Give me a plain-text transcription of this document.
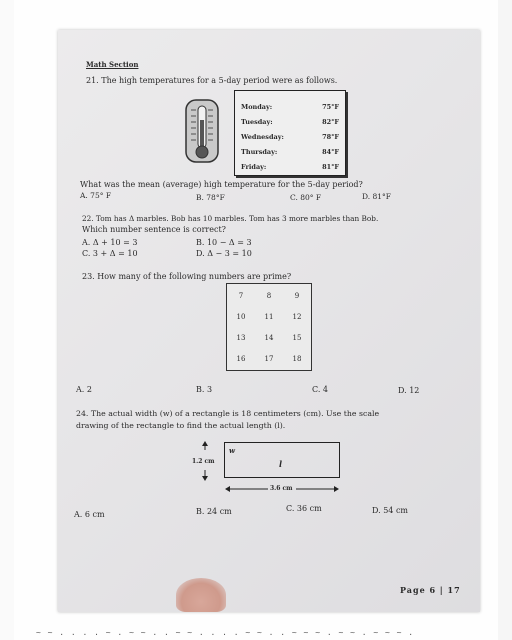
Math Section
21. The high temperatures for a 5-day period were as follows.
Monday:	75°F
Tuesday:	82°F
Wednesday:	78°F
Thursday:	84°F
Friday:	81°F
What was the mean (average) high temperature for the 5-day period?
A. 75° F	B. 78°F	C. 80° F	D. 81°F
22. Tom has Δ marbles. Bob has 10 marbles. Tom has 3 more marbles than Bob.
Which number sentence is correct?
A. Δ + 10 = 3	B. 10 − Δ = 3
C. 3 + Δ = 10	D. Δ − 3 = 10
23. How many of the following numbers are prime?
7	8	9
10	11	12
13	14	15
16	17	18
A. 2	B. 3	C. 4	D. 12
24. The actual width (w) of a rectangle is 18 centimeters (cm). Use the scale
drawing of the rectangle to find the actual length (l).
1.2 cm
w
l
3.6 cm
A. 6 cm	B. 24 cm	C. 36 cm	D. 54 cm
Page 6 | 17
~ ~ . . . . ~ . ~ ~ . . ~ ~ . . . . ~ ~ . . ~ ~ ~ . ~ ~ . ~ ~ ~ .
